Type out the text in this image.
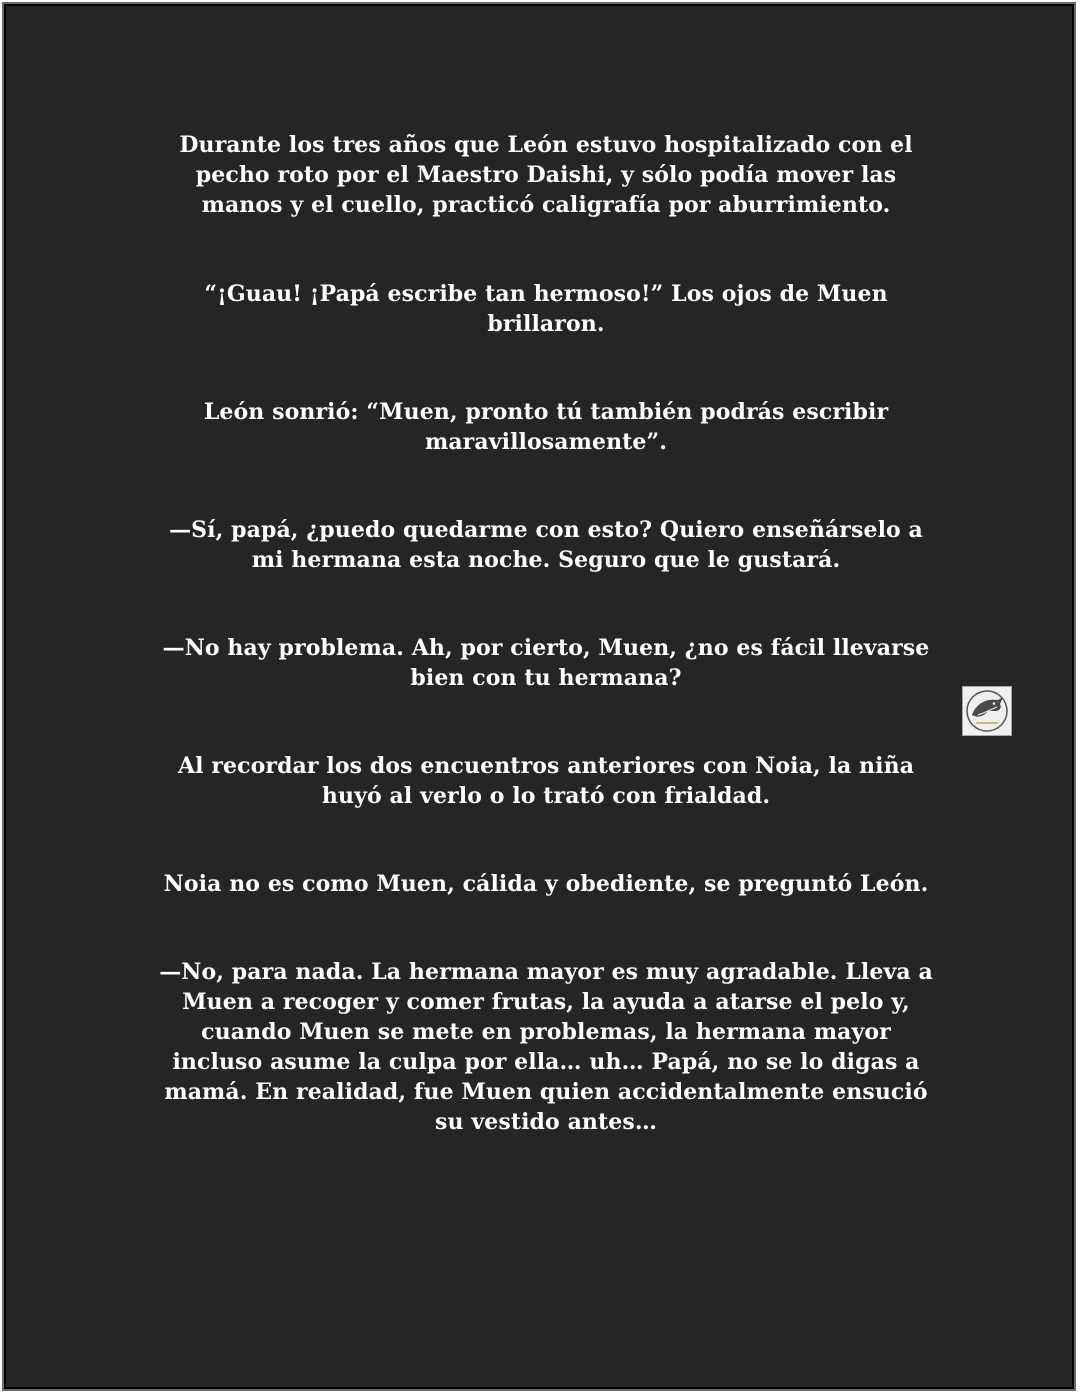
Durante los tres años que León estuvo hospitalizado con el pecho roto por el Maestro Daishi, y sólo podía mover las manos y el cuello, practicó caligrafía por aburrimiento.
“¡Guau! ¡Papá escribe tan hermoso!” Los ojos de Muen brillaron.
León sonrió: “Muen, pronto tú también podrás escribir maravillosamente”.
—Sí, papá, ¿puedo quedarme con esto? Quiero enseñárselo a mi hermana esta noche. Seguro que le gustará.
—No hay problema. Ah, por cierto, Muen, ¿no es fácil llevarse bien con tu hermana?
Al recordar los dos encuentros anteriores con Noia, la niña huyó al verlo o lo trató con frialdad.
Noia no es como Muen, cálida y obediente, se preguntó León.
—No, para nada. La hermana mayor es muy agradable. Lleva a Muen a recoger y comer frutas, la ayuda a atarse el pelo y, cuando Muen se mete en problemas, la hermana mayor incluso asume la culpa por ella… uh… Papá, no se lo digas a mamá. En realidad, fue Muen quien accidentalmente ensució su vestido antes…
